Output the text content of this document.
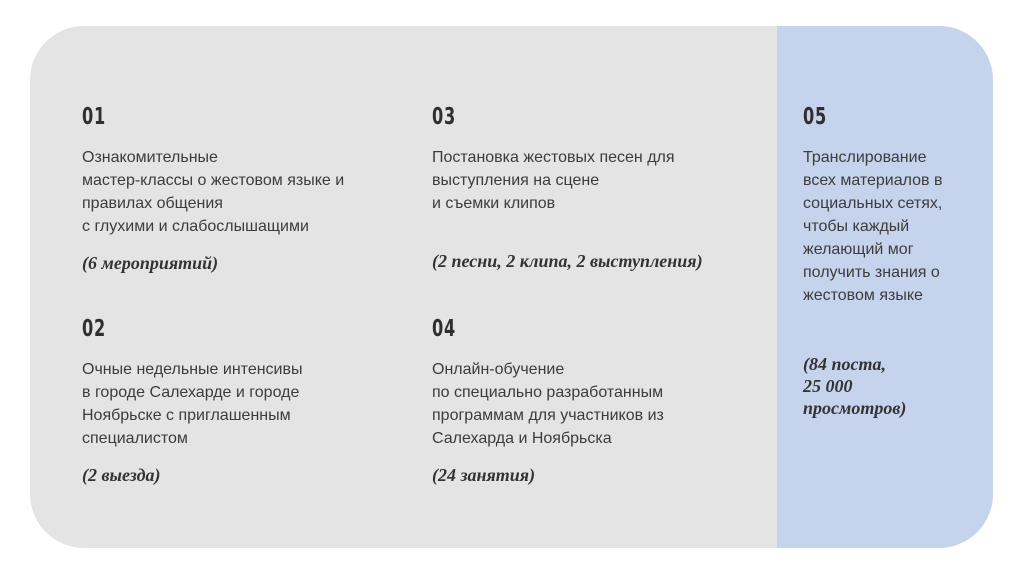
01
Ознакомительные
мастер-классы о жестовом языке и
правилах общения
с глухими и слабослышащими
(6 мероприятий)
02
Очные недельные интенсивы
в городе Салехарде и городе
Ноябрьске с приглашенным
специалистом
(2 выезда)
03
Постановка жестовых песен для
выступления на сцене
и съемки клипов
(2 песни, 2 клипа, 2 выступления)
04
Онлайн-обучение
по специально разработанным
программам для участников из
Салехарда и Ноябрьска
(24 занятия)
05
Транслирование
всех материалов в
социальных сетях,
чтобы каждый
желающий мог
получить знания о
жестовом языке
(84 поста,
25 000
просмотров)
